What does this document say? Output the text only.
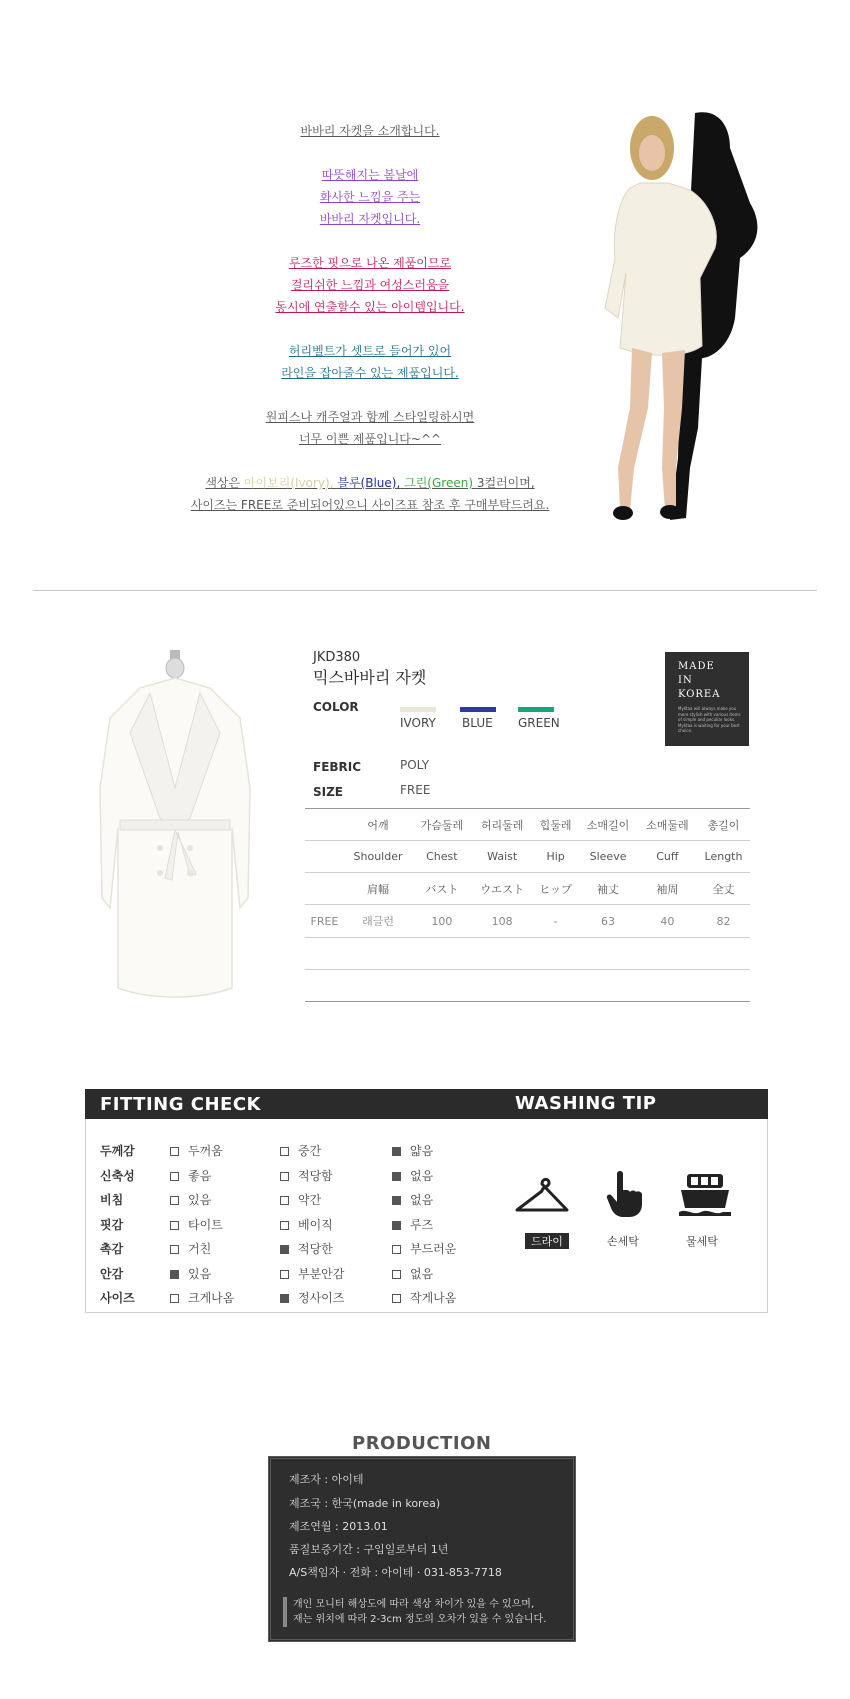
바바리 자켓을 소개합니다.
따뜻해지는 봄날에
화사한 느낌을 주는
바바리 자켓입니다.
루즈한 핏으로 나온 제품이므로
걸리쉬한 느낌과 여성스러움을
동시에 연출할수 있는 아이템입니다.
허리벨트가 셋트로 들어가 있어
라인을 잡아줄수 있는 제품입니다.
원피스나 캐주얼과 함께 스타일링하시면
너무 이쁜 제품입니다~^^
색상은 아이보리(Ivory), 블루(Blue), 그린(Green) 3컬러이며,
사이즈는 FREE로 준비되어있으니 사이즈표 참조 후 구매부탁드려요.
JKD380
믹스바바리 자켓
COLOR
IVORY BLUE GREEN
FEBRIC	POLY
SIZE	FREE
MADE
IN
KOREA
Mylitaa will always make you more stylish with various items of simple and peculiar looks. Mylitaa is waiting for your best choice.
	어깨	가슴둘레	허리둘레	힙둘레	소매길이	소매둘레	총길이
	Shoulder	Chest	Waist	Hip	Sleeve	Cuff	Length
	肩幅	バスト	ウエスト	ヒップ	袖丈	袖周	全丈
FREE	래글런	100	108	-	63	40	82

FITTING CHECK	WASHING TIP
두께감	두꺼움	중간	얇음
신축성	좋음	적당함	없음
비침	있음	약간	없음
핏감	타이트	베이직	루즈
촉감	거친	적당한	부드러운
안감	있음	부분안감	없음
사이즈	크게나옴	정사이즈	작게나옴
드라이	손세탁	물세탁
PRODUCTION
제조자 : 아이테
제조국 : 한국(made in korea)
제조연월 : 2013.01
품질보증기간 : 구입일로부터 1년
A/S책임자 · 전화 : 아이테 · 031-853-7718
개인 모니터 해상도에 따라 색상 차이가 있을 수 있으며,
재는 위치에 따라 2-3cm 정도의 오차가 있을 수 있습니다.
